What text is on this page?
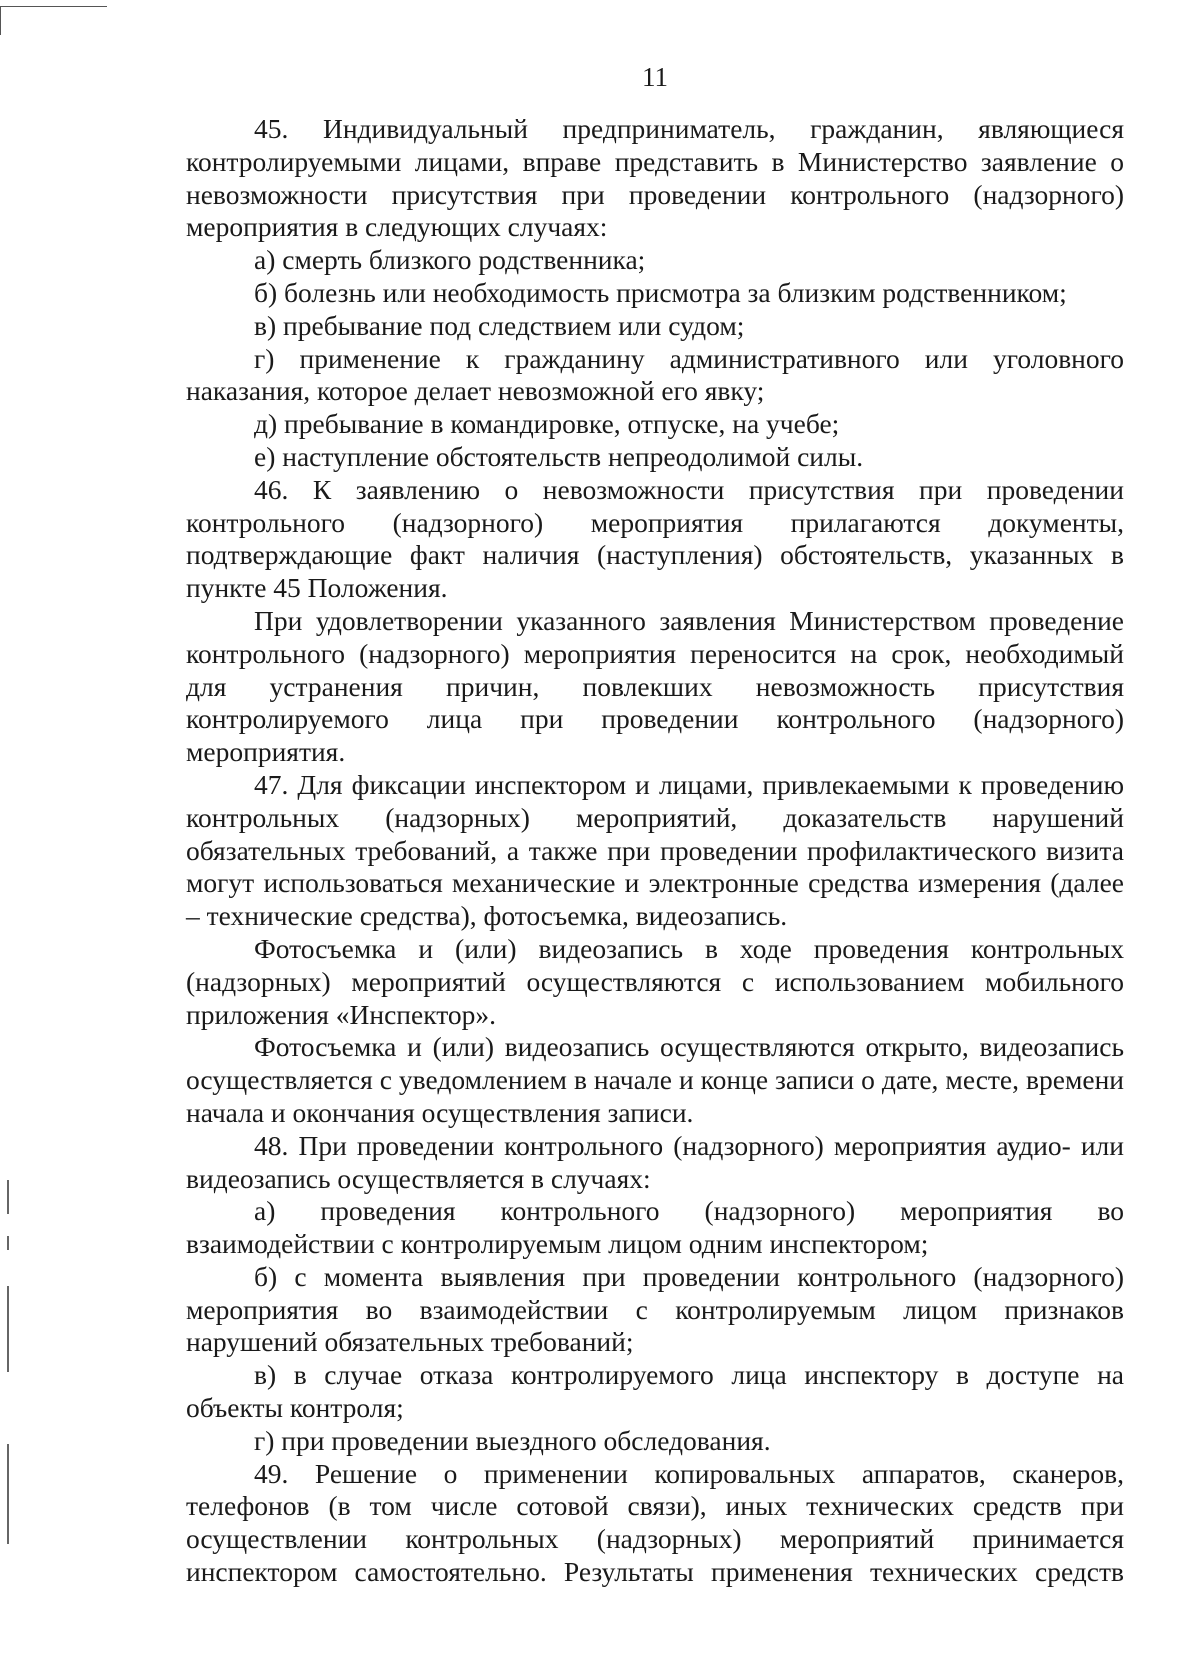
11

45. Индивидуальный предприниматель, гражданин, являющиеся контролируемыми лицами, вправе представить в Министерство заявление о невозможности присутствия при проведении контрольного (надзорного) мероприятия в следующих случаях:

а) смерть близкого родственника;

б) болезнь или необходимость присмотра за близким родственником;

в) пребывание под следствием или судом;

г) применение к гражданину административного или уголовного наказания, которое делает невозможной его явку;

д) пребывание в командировке, отпуске, на учебе;

е) наступление обстоятельств непреодолимой силы.

46. К заявлению о невозможности присутствия при проведении контрольного (надзорного) мероприятия прилагаются документы, подтверждающие факт наличия (наступления) обстоятельств, указанных в пункте 45 Положения.

При удовлетворении указанного заявления Министерством проведение контрольного (надзорного) мероприятия переносится на срок, необходимый для устранения причин, повлекших невозможность присутствия контролируемого лица при проведении контрольного (надзорного) мероприятия.

47. Для фиксации инспектором и лицами, привлекаемыми к проведению контрольных (надзорных) мероприятий, доказательств нарушений обязательных требований, а также при проведении профилактического визита могут использоваться механические и электронные средства измерения (далее – технические средства), фотосъемка, видеозапись.

Фотосъемка и (или) видеозапись в ходе проведения контрольных (надзорных) мероприятий осуществляются с использованием мобильного приложения «Инспектор».

Фотосъемка и (или) видеозапись осуществляются открыто, видеозапись осуществляется с уведомлением в начале и конце записи о дате, месте, времени начала и окончания осуществления записи.

48. При проведении контрольного (надзорного) мероприятия аудио- или видеозапись осуществляется в случаях:

а) проведения контрольного (надзорного) мероприятия во взаимодействии с контролируемым лицом одним инспектором;

б) с момента выявления при проведении контрольного (надзорного) мероприятия во взаимодействии с контролируемым лицом признаков нарушений обязательных требований;

в) в случае отказа контролируемого лица инспектору в доступе на объекты контроля;

г) при проведении выездного обследования.

49. Решение о применении копировальных аппаратов, сканеров, телефонов (в том числе сотовой связи), иных технических средств при осуществлении контрольных (надзорных) мероприятий принимается инспектором самостоятельно. Результаты применения технических средств
